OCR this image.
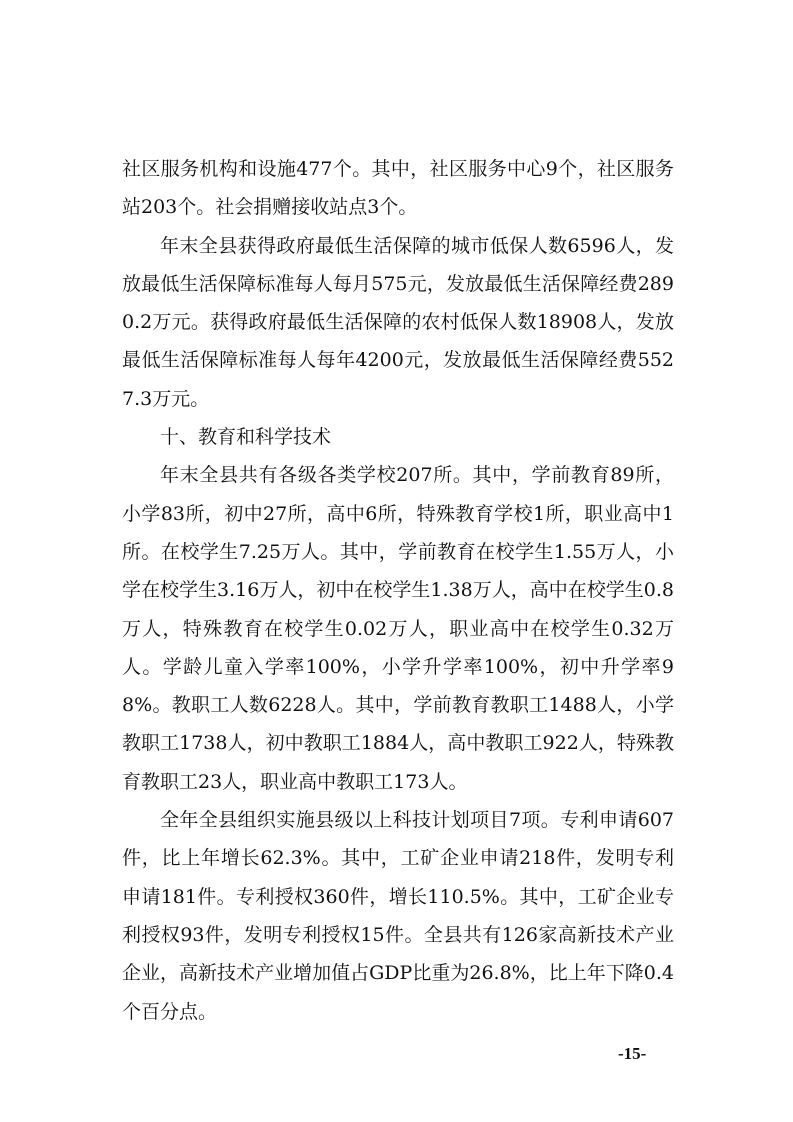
社区服务机构和设施477个。其中，社区服务中心9个，社区服务站203个。社会捐赠接收站点3个。

年末全县获得政府最低生活保障的城市低保人数6596人，发放最低生活保障标准每人每月575元，发放最低生活保障经费2890.2万元。获得政府最低生活保障的农村低保人数18908人，发放最低生活保障标准每人每年4200元，发放最低生活保障经费5527.3万元。

十、教育和科学技术

年末全县共有各级各类学校207所。其中，学前教育89所，小学83所，初中27所，高中6所，特殊教育学校1所，职业高中1所。在校学生7.25万人。其中，学前教育在校学生1.55万人，小学在校学生3.16万人，初中在校学生1.38万人，高中在校学生0.8万人，特殊教育在校学生0.02万人，职业高中在校学生0.32万人。学龄儿童入学率100%，小学升学率100%，初中升学率98%。教职工人数6228人。其中，学前教育教职工1488人，小学教职工1738人，初中教职工1884人，高中教职工922人，特殊教育教职工23人，职业高中教职工173人。

全年全县组织实施县级以上科技计划项目7项。专利申请607件，比上年增长62.3%。其中，工矿企业申请218件，发明专利申请181件。专利授权360件，增长110.5%。其中，工矿企业专利授权93件，发明专利授权15件。全县共有126家高新技术产业企业，高新技术产业增加值占GDP比重为26.8%，比上年下降0.4个百分点。

-15-
